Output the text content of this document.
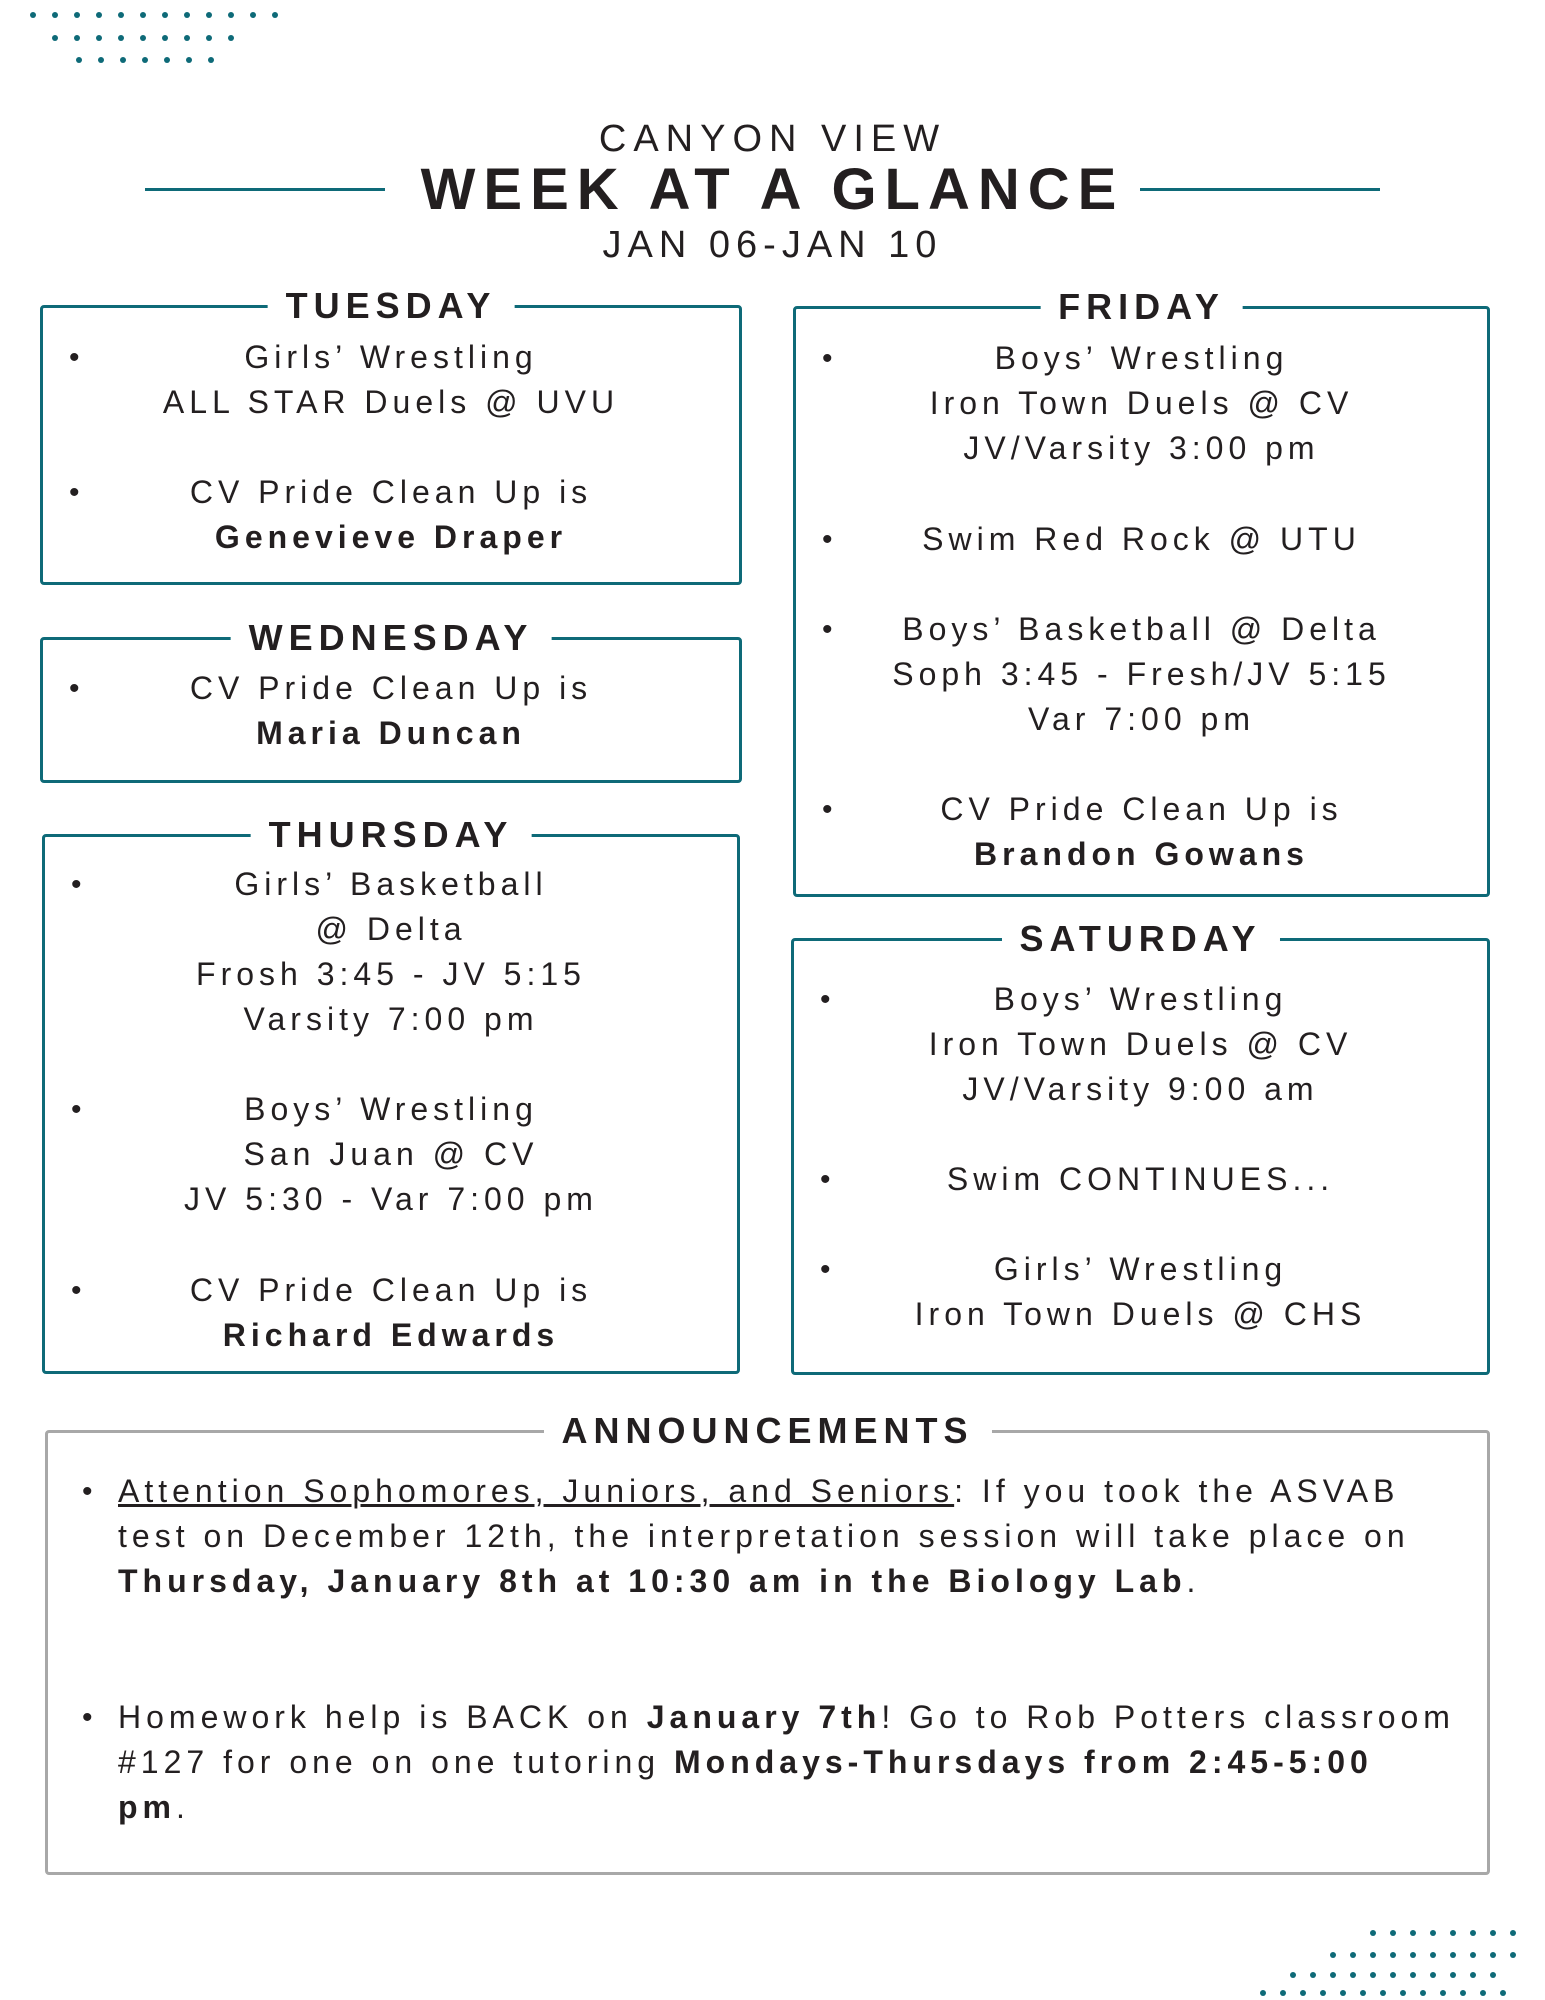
CANYON VIEW
WEEK AT A GLANCE
JAN 06-JAN 10
TUESDAY
•	Girls’ Wrestling
ALL STAR Duels @ UVU
•	CV Pride Clean Up is
Genevieve Draper
WEDNESDAY
•	CV Pride Clean Up is
Maria Duncan
THURSDAY
•	Girls’ Basketball
@ Delta
Frosh 3:45 - JV 5:15
Varsity 7:00 pm
•	Boys’ Wrestling
San Juan @ CV
JV 5:30 - Var 7:00 pm
•	CV Pride Clean Up is
Richard Edwards
FRIDAY
•	Boys’ Wrestling
Iron Town Duels @ CV
JV/Varsity 3:00 pm
•	Swim Red Rock @ UTU
•	Boys’ Basketball @ Delta
Soph 3:45 - Fresh/JV 5:15
Var 7:00 pm
•	CV Pride Clean Up is
Brandon Gowans
SATURDAY
•	Boys’ Wrestling
Iron Town Duels @ CV
JV/Varsity 9:00 am
•	Swim CONTINUES...
•	Girls’ Wrestling
Iron Town Duels @ CHS
ANNOUNCEMENTS
• Attention Sophomores, Juniors, and Seniors: If you took the ASVAB test on December 12th, the interpretation session will take place on Thursday, January 8th at 10:30 am in the Biology Lab.
• Homework help is BACK on January 7th! Go to Rob Potters classroom #127 for one on one tutoring Mondays-Thursdays from 2:45-5:00 pm.
